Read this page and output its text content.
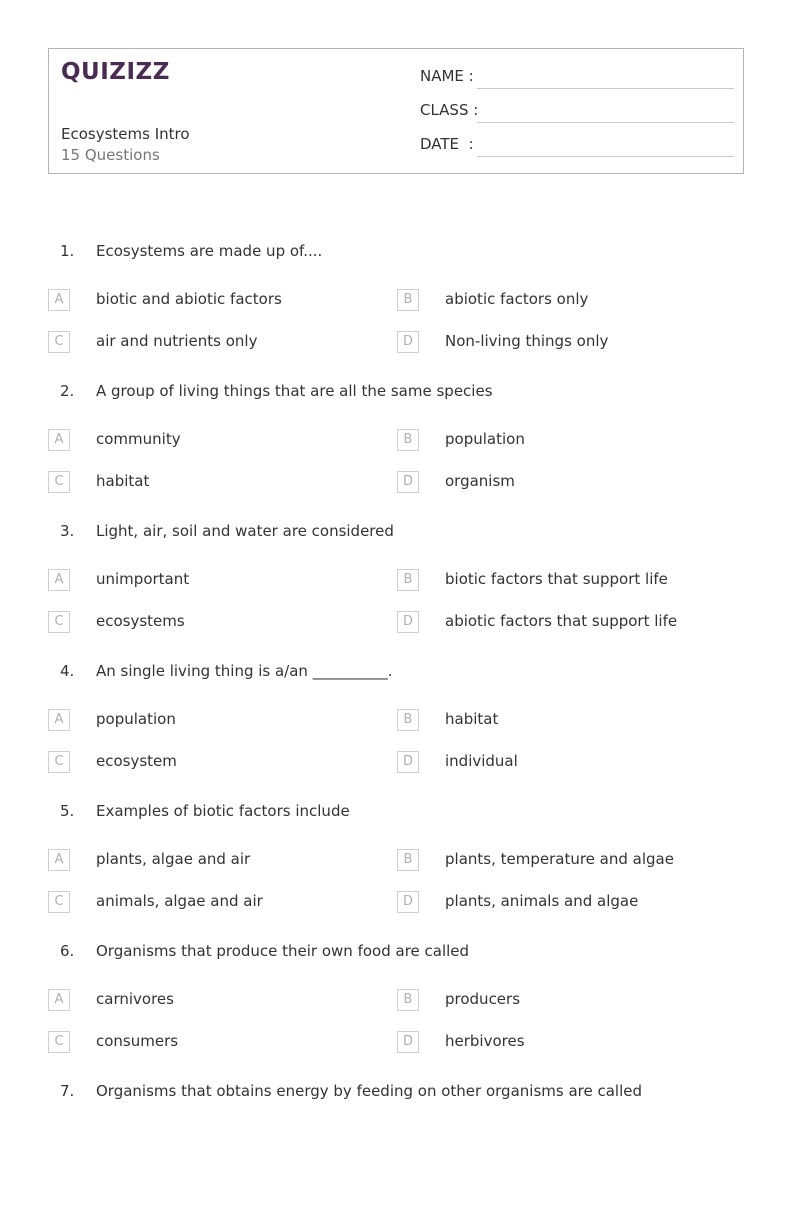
QUIZIZZ
Ecosystems Intro
15 Questions
NAME :
CLASS :
DATE  :
1. Ecosystems are made up of....
A	biotic and abiotic factors	B	abiotic factors only
C	air and nutrients only	D	Non-living things only
2. A group of living things that are all the same species
A	community	B	population
C	habitat	D	organism
3. Light, air, soil and water are considered
A	unimportant	B	biotic factors that support life
C	ecosystems	D	abiotic factors that support life
4. An single living thing is a/an __________.
A	population	B	habitat
C	ecosystem	D	individual
5. Examples of biotic factors include
A	plants, algae and air	B	plants, temperature and algae
C	animals, algae and air	D	plants, animals and algae
6. Organisms that produce their own food are called
A	carnivores	B	producers
C	consumers	D	herbivores
7. Organisms that obtains energy by feeding on other organisms are called
